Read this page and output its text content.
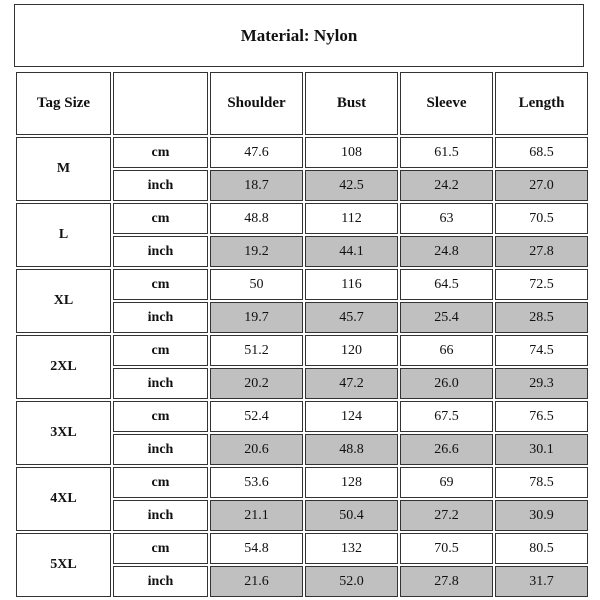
Material: Nylon
Tag Size		Shoulder	Bust	Sleeve	Length
M	cm	47.6	108	61.5	68.5
	inch	18.7	42.5	24.2	27.0
L	cm	48.8	112	63	70.5
	inch	19.2	44.1	24.8	27.8
XL	cm	50	116	64.5	72.5
	inch	19.7	45.7	25.4	28.5
2XL	cm	51.2	120	66	74.5
	inch	20.2	47.2	26.0	29.3
3XL	cm	52.4	124	67.5	76.5
	inch	20.6	48.8	26.6	30.1
4XL	cm	53.6	128	69	78.5
	inch	21.1	50.4	27.2	30.9
5XL	cm	54.8	132	70.5	80.5
	inch	21.6	52.0	27.8	31.7
